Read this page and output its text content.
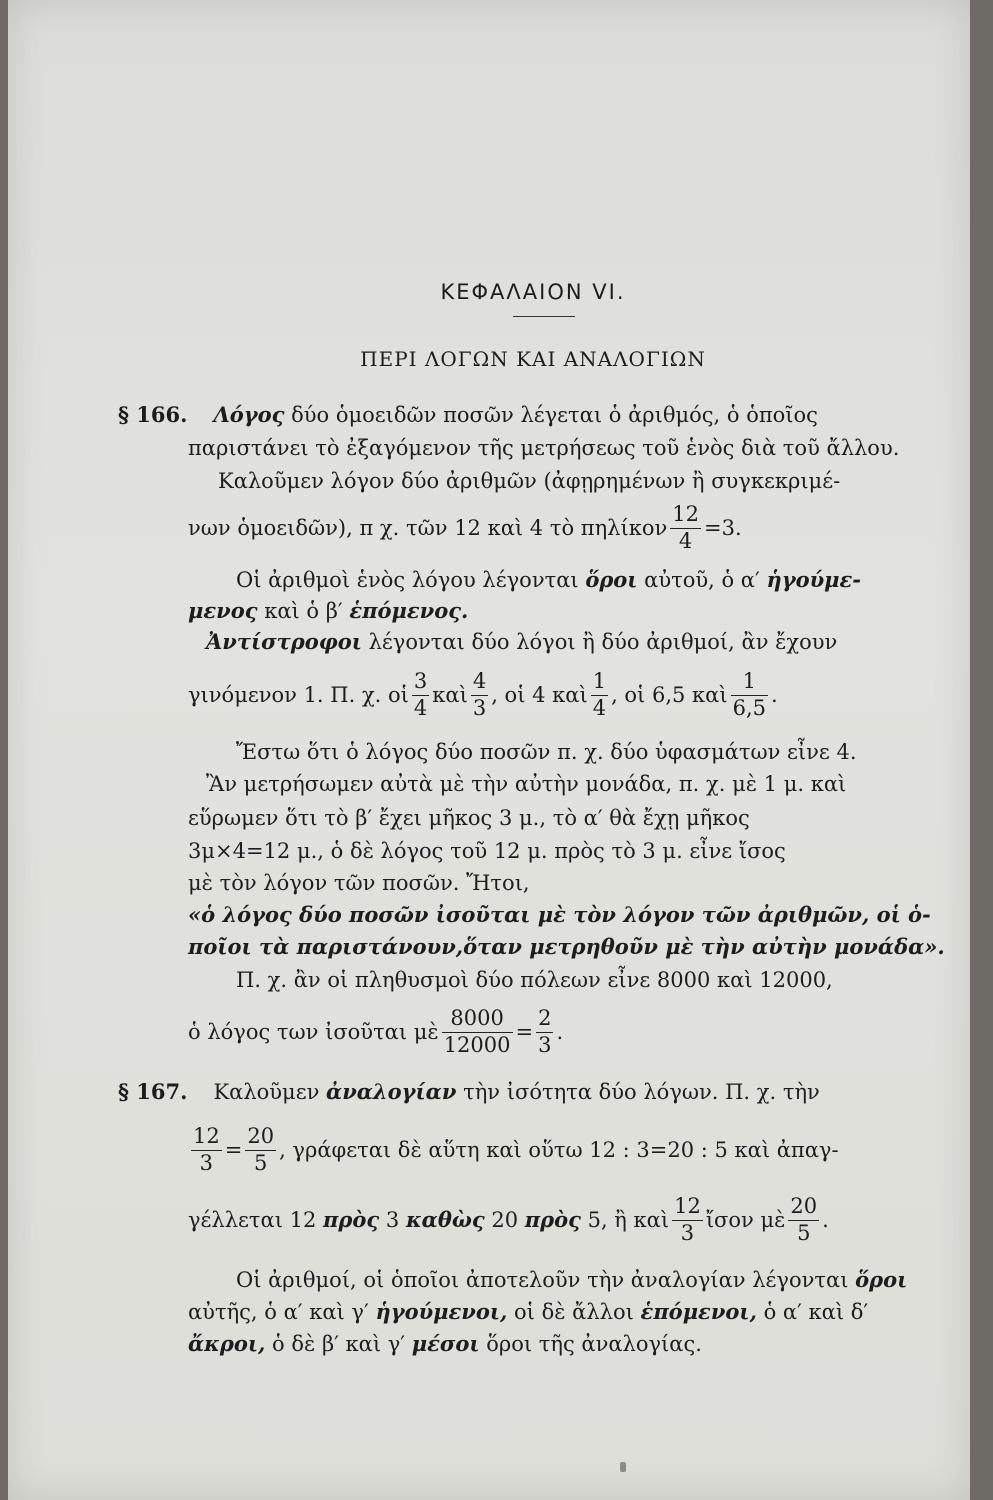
ΚΕΦΑΛΑΙΟΝ VI.
ΠΕΡΙ ΛΟΓΩΝ ΚΑΙ ΑΝΑΛΟΓΙΩΝ
§ 166. Λόγος δύο ὁμοειδῶν ποσῶν λέγεται ὁ ἀριθμός, ὁ ὁποῖος
παριστάνει τὸ ἐξαγόμενον τῆς μετρήσεως τοῦ ἑνὸς διὰ τοῦ ἄλλου.
Καλοῦμεν λόγον δύο ἀριθμῶν (ἀφῃρημένων ἢ συγκεκριμέ-
νων ὁμοειδῶν), π χ. τῶν 12 καὶ 4 τὸ πηλίκον $\frac{12}{4} =3$.
Οἱ ἀριθμοὶ ἑνὸς λόγου λέγονται ὅροι αὐτοῦ, ὁ α′ ἡγούμε-
μενος καὶ ὁ β′ ἑπόμενος.
Ἀντίστροφοι λέγονται δύο λόγοι ἢ δύο ἀριθμοί, ἂν ἔχουν
γινόμενον 1. Π. χ. οἱ $\frac{3}{4}$ καὶ $\frac{4}{3}$ , οἱ 4 καὶ $\frac{1}{4}$ , οἱ 6,5 καὶ $\frac{1}{6,5}$ .
Ἔστω ὅτι ὁ λόγος δύο ποσῶν π. χ. δύο ὑφασμάτων εἶνε 4.
Ἂν μετρήσωμεν αὐτὰ μὲ τὴν αὐτὴν μονάδα, π. χ. μὲ 1 μ. καὶ
εὕρωμεν ὅτι τὸ β′ ἔχει μῆκος 3 μ., τὸ α′ θὰ ἔχῃ μῆκος
3μ×4=12 μ., ὁ δὲ λόγος τοῦ 12 μ. πρὸς τὸ 3 μ. εἶνε ἴσος
μὲ τὸν λόγον τῶν ποσῶν. Ἤτοι,
«ὁ λόγος δύο ποσῶν ἰσοῦται μὲ τὸν λόγον τῶν ἀριθμῶν, οἱ ὁ-
ποῖοι τὰ παριστάνουν,ὅταν μετρηθοῦν μὲ τὴν αὐτὴν μονάδα».
Π. χ. ἂν οἱ πληθυσμοὶ δύο πόλεων εἶνε 8000 καὶ 12000,
ὁ λόγος των ἰσοῦται μὲ $\frac{8000}{12000} = \frac{2}{3}$ .
§ 167. Καλοῦμεν ἀναλογίαν τὴν ἰσότητα δύο λόγων. Π. χ. τὴν
$\frac{12}{3} = \frac{20}{5}$ , γράφεται δὲ αὕτη καὶ οὕτω 12 : 3=20 : 5 καὶ ἀπαγ-
γέλλεται 12
πρὸς
3
καθὼς
20
πρὸς
5, ἢ καὶ $\frac{12}{3}$ ἴσον μὲ $\frac{20}{5}$ .
Οἱ ἀριθμοί, οἱ ὁποῖοι ἀποτελοῦν τὴν ἀναλογίαν λέγονται ὅροι
αὐτῆς, ὁ α′ καὶ γ′ ἡγούμενοι, οἱ δὲ ἄλλοι ἑπόμενοι, ὁ α′ καὶ δ′
ἄκροι, ὁ δὲ β′ καὶ γ′ μέσοι ὅροι τῆς ἀναλογίας.
